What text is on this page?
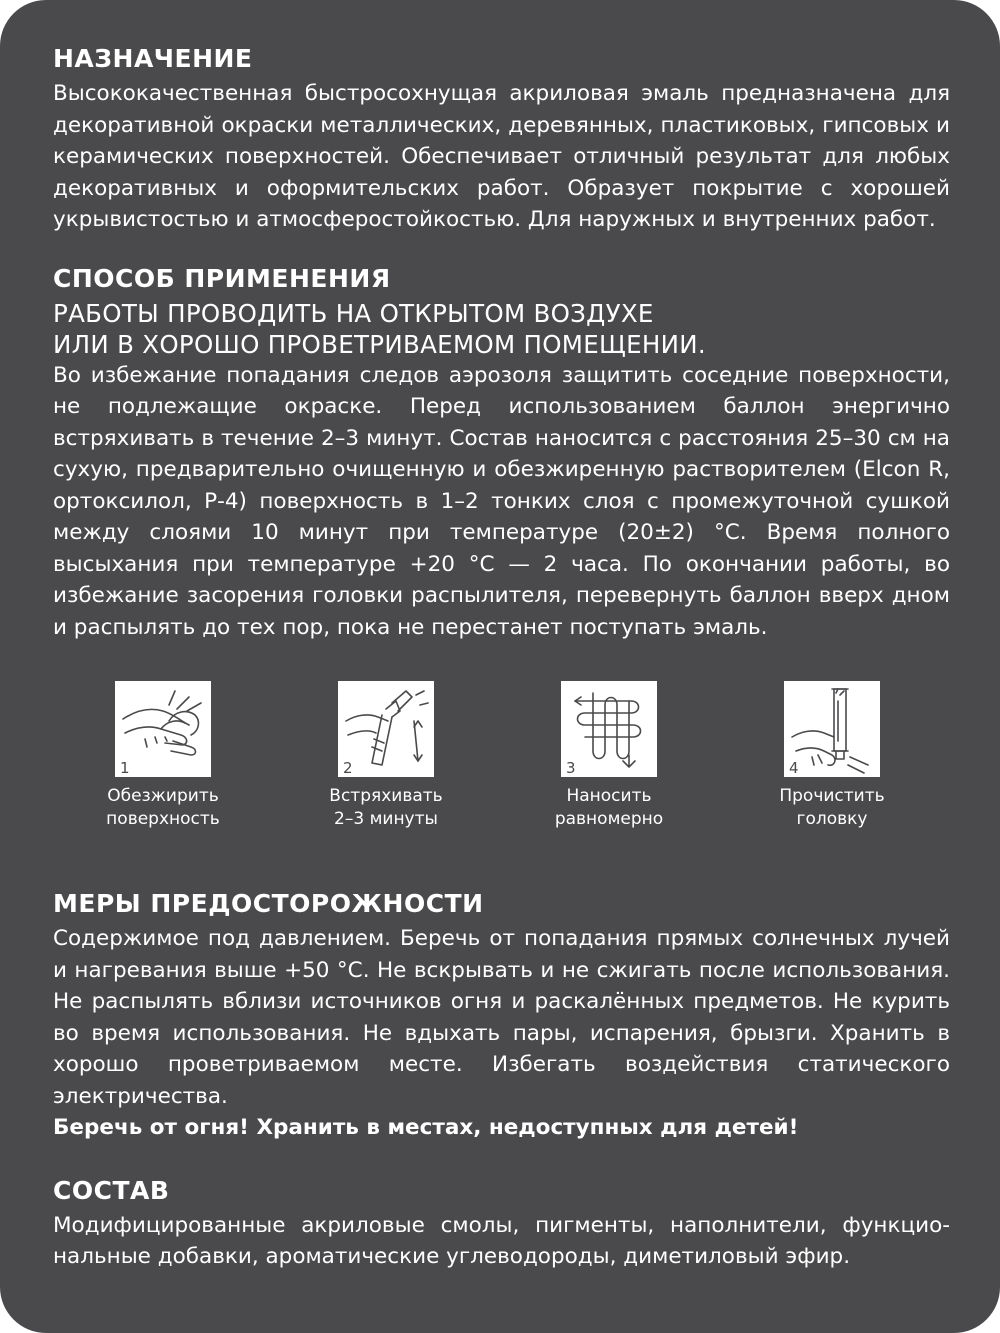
НАЗНАЧЕНИЕ

Высококачественная быстросохнущая акриловая эмаль предназначена для декоративной окраски металлических, деревянных, пластиковых, гипсовых и керамических поверхностей. Обеспечивает отличный результат для любых декоративных и оформительских работ. Образует покрытие с хорошей укрывистостью и атмосферостойкостью. Для наружных и внутренних работ.

СПОСОБ ПРИМЕНЕНИЯ

РАБОТЫ ПРОВОДИТЬ НА ОТКРЫТОМ ВОЗДУХЕ

ИЛИ В ХОРОШО ПРОВЕТРИВАЕМОМ ПОМЕЩЕНИИ.

Во избежание попадания следов аэрозоля защитить соседние поверхности, не подлежащие окраске. Перед использованием баллон энергично встряхивать в течение 2–3 минут. Состав наносится с расстояния 25–30 см на сухую, предварительно очищенную и обезжиренную растворителем (Elcon R, ортоксилол, Р-4) поверхность в 1–2 тонких слоя с промежуточной сушкой между слоями 10 минут при температуре (20±2) °С. Время полного высыхания при температуре +20 °С — 2 часа. По окончании работы, во избежание засорения головки распылителя, перевернуть баллон вверх дном и распылять до тех пор, пока не перестанет поступать эмаль.

1
Обезжирить
поверхность
2
Встряхивать
2–3 минуты
3
Наносить
равномерно
4
Прочистить
головку
МЕРЫ ПРЕДОСТОРОЖНОСТИ

Содержимое под давлением. Беречь от попадания прямых солнечных лучей и нагревания выше +50 °С. Не вскрывать и не сжигать после использования. Не распылять вблизи источников огня и раскалённых предметов. Не курить во время использования. Не вдыхать пары, испарения, брызги. Хранить в хорошо проветриваемом месте. Избегать воздействия статического электричества.

Беречь от огня! Хранить в местах, недоступных для детей!

СОСТАВ

Модифицированные акриловые смолы, пигменты, наполнители, функциональные добавки, ароматические углеводороды, диметиловый эфир.
